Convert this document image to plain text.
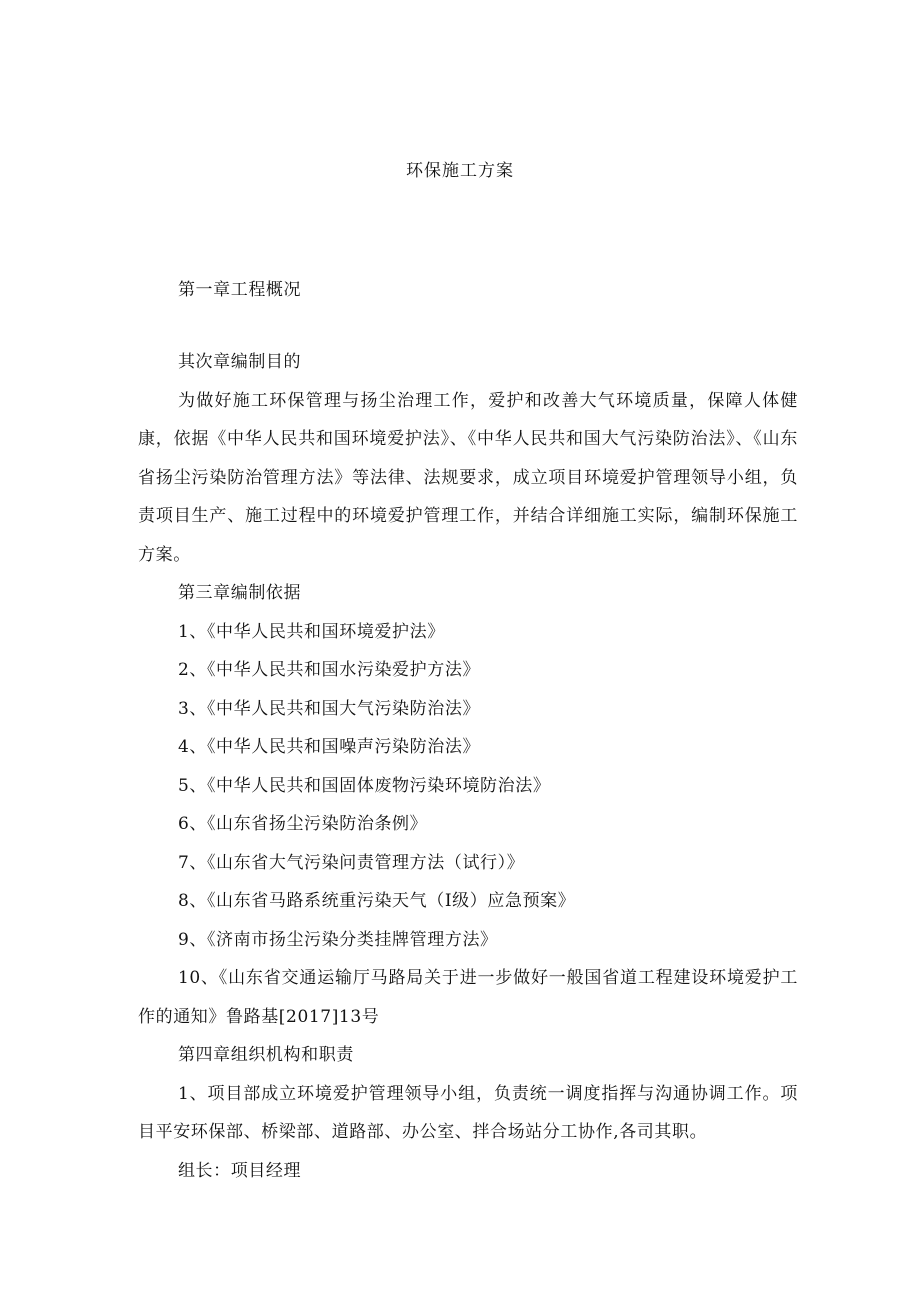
环保施工方案

第一章工程概况

其次章编制目的

为做好施工环保管理与扬尘治理工作，爱护和改善大气环境质量，保障人体健康，依据《中华人民共和国环境爱护法》、《中华人民共和国大气污染防治法》、《山东省扬尘污染防治管理方法》等法律、法规要求，成立项目环境爱护管理领导小组，负责项目生产、施工过程中的环境爱护管理工作，并结合详细施工实际，编制环保施工方案。

第三章编制依据

1、《中华人民共和国环境爱护法》

2、《中华人民共和国水污染爱护方法》

3、《中华人民共和国大气污染防治法》

4、《中华人民共和国噪声污染防治法》

5、《中华人民共和国固体废物污染环境防治法》

6、《山东省扬尘污染防治条例》

7、《山东省大气污染问责管理方法（试行）》

8、《山东省马路系统重污染天气（Ⅰ级）应急预案》

9、《济南市扬尘污染分类挂牌管理方法》

10、《山东省交通运输厅马路局关于进一步做好一般国省道工程建设环境爱护工作的通知》鲁路基[2017]13号

第四章组织机构和职责

1、项目部成立环境爱护管理领导小组，负责统一调度指挥与沟通协调工作。项目平安环保部、桥梁部、道路部、办公室、拌合场站分工协作,各司其职。

组长：项目经理
